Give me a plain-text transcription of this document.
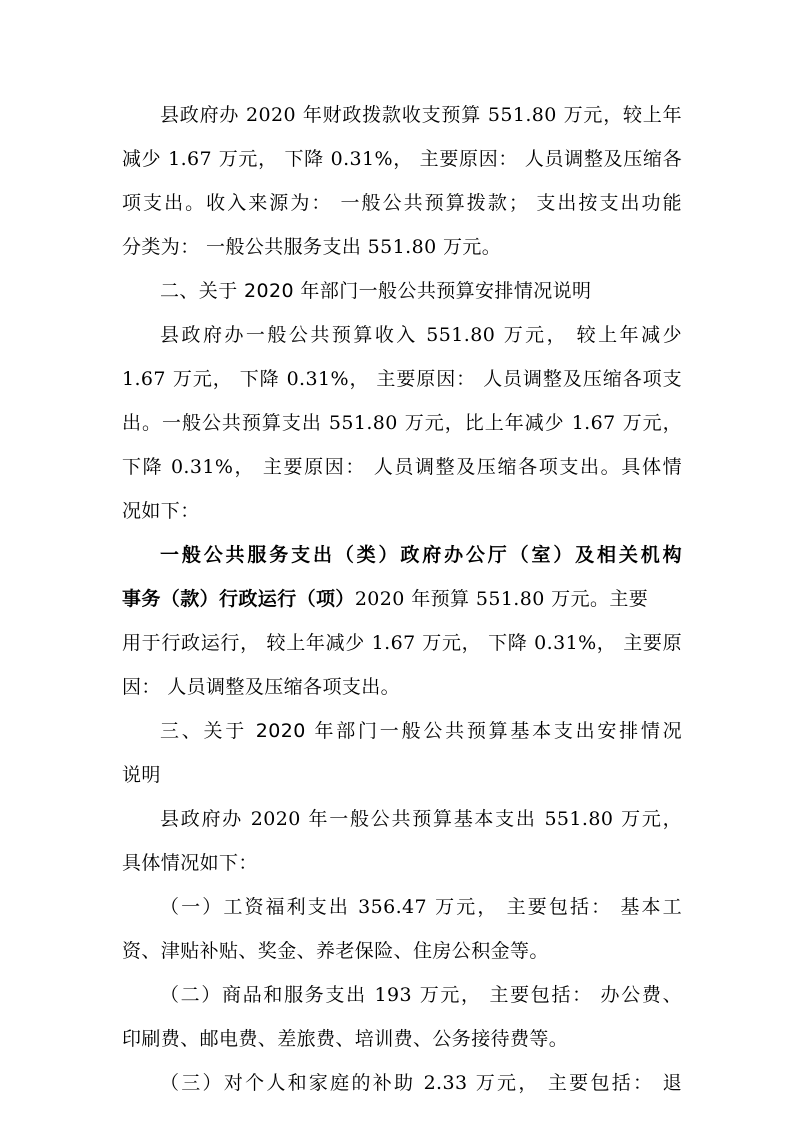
县政府办 2020 年财政拨款收支预算 551.80 万元，较上年
减少 1.67 万元， 下降 0.31%， 主要原因： 人员调整及压缩各
项支出。收入来源为： 一般公共预算拨款； 支出按支出功能
分类为： 一般公共服务支出 551.80 万元。
二、关于 2020 年部门一般公共预算安排情况说明
县政府办一般公共预算收入 551.80 万元， 较上年减少
1.67 万元， 下降 0.31%， 主要原因： 人员调整及压缩各项支
出。一般公共预算支出 551.80 万元，比上年减少 1.67 万元，
下降 0.31%， 主要原因： 人员调整及压缩各项支出。具体情
况如下：
一般公共服务支出（类）政府办公厅（室）及相关机构
事务（款）行政运行（项）2020 年预算 551.80 万元。主要
用于行政运行， 较上年减少 1.67 万元， 下降 0.31%， 主要原
因： 人员调整及压缩各项支出。
三、关于 2020 年部门一般公共预算基本支出安排情况
说明
县政府办 2020 年一般公共预算基本支出 551.80 万元，
具体情况如下：
（一）工资福利支出 356.47 万元， 主要包括： 基本工
资、津贴补贴、奖金、养老保险、住房公积金等。
（二）商品和服务支出 193 万元， 主要包括： 办公费、
印刷费、邮电费、差旅费、培训费、公务接待费等。
（三）对个人和家庭的补助 2.33 万元， 主要包括： 退
